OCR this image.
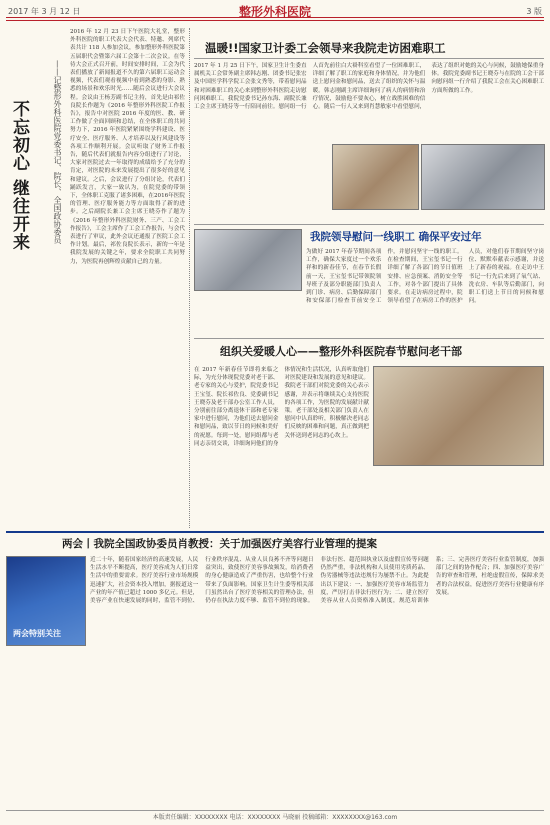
2017 年 3 月 12 日	整形外科医院	3 版
不忘初心 继往开来	——记整形外科医院党委书记、院长、全国政协委员
2016 年 12 月 23 日下午医院大礼堂，整形外科医院的职工代表大会代表、特邀、列席代表共计 118 人参加会议，参加整形外科医院第五届职代会暨第六届工会第十二次会议。在等待大会正式召开前，时间安排时间，工会为代表们播放了新闻报道不久的第六届职工运动会视频，代表们观看视频中看到熟悉的身影、熟悉的场景和欢乐时光……随后会议进行大会议程。会议由王杨芳副书记主持，首先是由祁佐良院长作题为《2016 年整形外科医院工作报告》，报告中对医院 2016 年度的医、教、研工作做了全面回顾和总结，在全体职工的共同努力下，2016 年医院紧紧围绕学科建设、医疗安全、医疗服务、人才培养以及行风建设等各项工作顺利开展。会议听取了财务工作报告，随后代表们就报告内容分组进行了讨论，大家对医院过去一年取得的成绩给予了充分的肯定，对医院的未来发展提出了很多好的意见和建议。之后，会议进行了分组讨论，代表们踊跃发言，大家一致认为，在院党委的带领下，全体职工克服了诸多困难，在2016年医院的管理、医疗服务能力等方面取得了新的进步。之后副院长兼工会主席王晓芬作了题为《2016 年整形外科医院财务、三产、工会工作报告》，工会主席作了工会工作报告，与会代表进行了审议，此外会议还通报了医院工会工作计划。最后，祁佐良院长表示，新的一年是我院发展的关键之年，要求全院职工共同努力，为医院再创辉煌贡献自己的力量。
温暖!!国家卫计委工会领导来我院走访困难职工
2017 年 1 月 25 日下午，国家卫生计生委直属机关工会常务副主席韩志刚、团委书记张宏及中国医学科学院工会张文秀等，带着慰问品和对困难职工的关心来到整形外科医院走访慰问困难职工。我院党委书记孙东海、副院长兼工会主席王晓芬等一行陪同前往。慰问组一行人首先前往白大褂科室看望了一位困难职工，详细了解了职工的家庭和身体情况，并为他们送上慰问金和慰问品，送去了组织的关怀与温暖。韩志刚副主席详细询问了病人的病情和治疗情况，鼓励他不要灰心，树立战胜困难的信心。随后一行人又来到肖慧敏家中看望慰问，表达了组织对她的关心与问候，鼓励她保重身体。我院党委副书记王晓芬与在院的工会干部向慰问组一行介绍了我院工会在关心困难职工方面所做的工作。
我院领导慰问一线职工 确保平安过年
为做好 2017 年春节期间各项工作，确保大家度过一个欢乐祥和的新春佳节，在春节长假前一天，王宝玺书记带领院领导班子及部分职能部门负责人到门诊、病房、后勤保障部门和安保部门检查节前安全工作，并慰问坚守一线的职工。在检查期间，王宝玺书记一行详细了解了各部门的节日值班安排、应急预案、消防安全等工作，对各个部门提出了具体要求。在走访病房过程中，院领导看望了在病房工作的医护人员，对他们春节期间坚守岗位、默默奉献表示感谢，并送上了新春的祝福。在走访中王书记一行先后来到了氧气站、洗衣房、车队等后勤部门，向职工们送上节日的问候和慰问。
组织关爱暖人心——整形外科医院春节慰问老干部
在 2017 年新春佳节即将来临之际，为充分体现院党委对老干部、老专家的关心与爱护，院党委书记王宝玺、院长祁佐良、党委副书记王晓芬及老干部办公室工作人员，分别前往部分离退休干部和老专家家中进行慰问，为他们送去慰问金和慰问品，致以节日的问候和美好的祝愿。每到一处，慰问组都与老同志亲切交谈，详细询问他们的身体情况和生活状况，认真听取他们对医院建设和发展的意见和建议。我院老干部们对院党委的关心表示感谢，并表示将继续关心支持医院的各项工作，为医院的发展献计献策。老干部处及相关部门负责人在慰问中认真聆听，积极解决老同志们反映的困难和问题，真正做到把关怀送到老同志的心坎上。
两会丨我院全国政协委员肖教授：关于加强医疗美容行业管理的提案
两会特别关注
近二十年，随着国家经济的高速发展，人民生活水平不断提高，医疗美容成为人们日常生活中的重要需求。医疗美容行业市场规模迅速扩大，社会资本投入增加，据报道这一产业的年产值已超过 1000 多亿元。但是，美容产业在快速发展的同时，监管不到位、行业秩序混乱、从业人员良莠不齐等问题日益突出，致使医疗美容事故频发，给消费者的身心健康造成了严重伤害，也给整个行业带来了负面影响。国家卫生计生委等相关部门虽然出台了医疗美容相关的管理办法，但仍存在执法力度不够、监管不到位的现象。非法行医、超范围执业以及虚假宣传等问题仍然严重，非法机构和人员使用劣质药品、伪劣器械等违法违规行为屡禁不止。为此提出以下建议：一、加强医疗美容市场监管力度，严厉打击非法行医行为；二、建立医疗美容从业人员资格准入制度，规范培训体系；三、完善医疗美容行业监管制度，加强部门之间的协作配合；四、加强医疗美容广告的审查和管理，杜绝虚假宣传，保障求美者的合法权益，促进医疗美容行业健康有序发展。
本版责任编辑：XXXXXXXX 电话：XXXXXXXX 马晓丽 投稿邮箱：XXXXXXXX@163.com
